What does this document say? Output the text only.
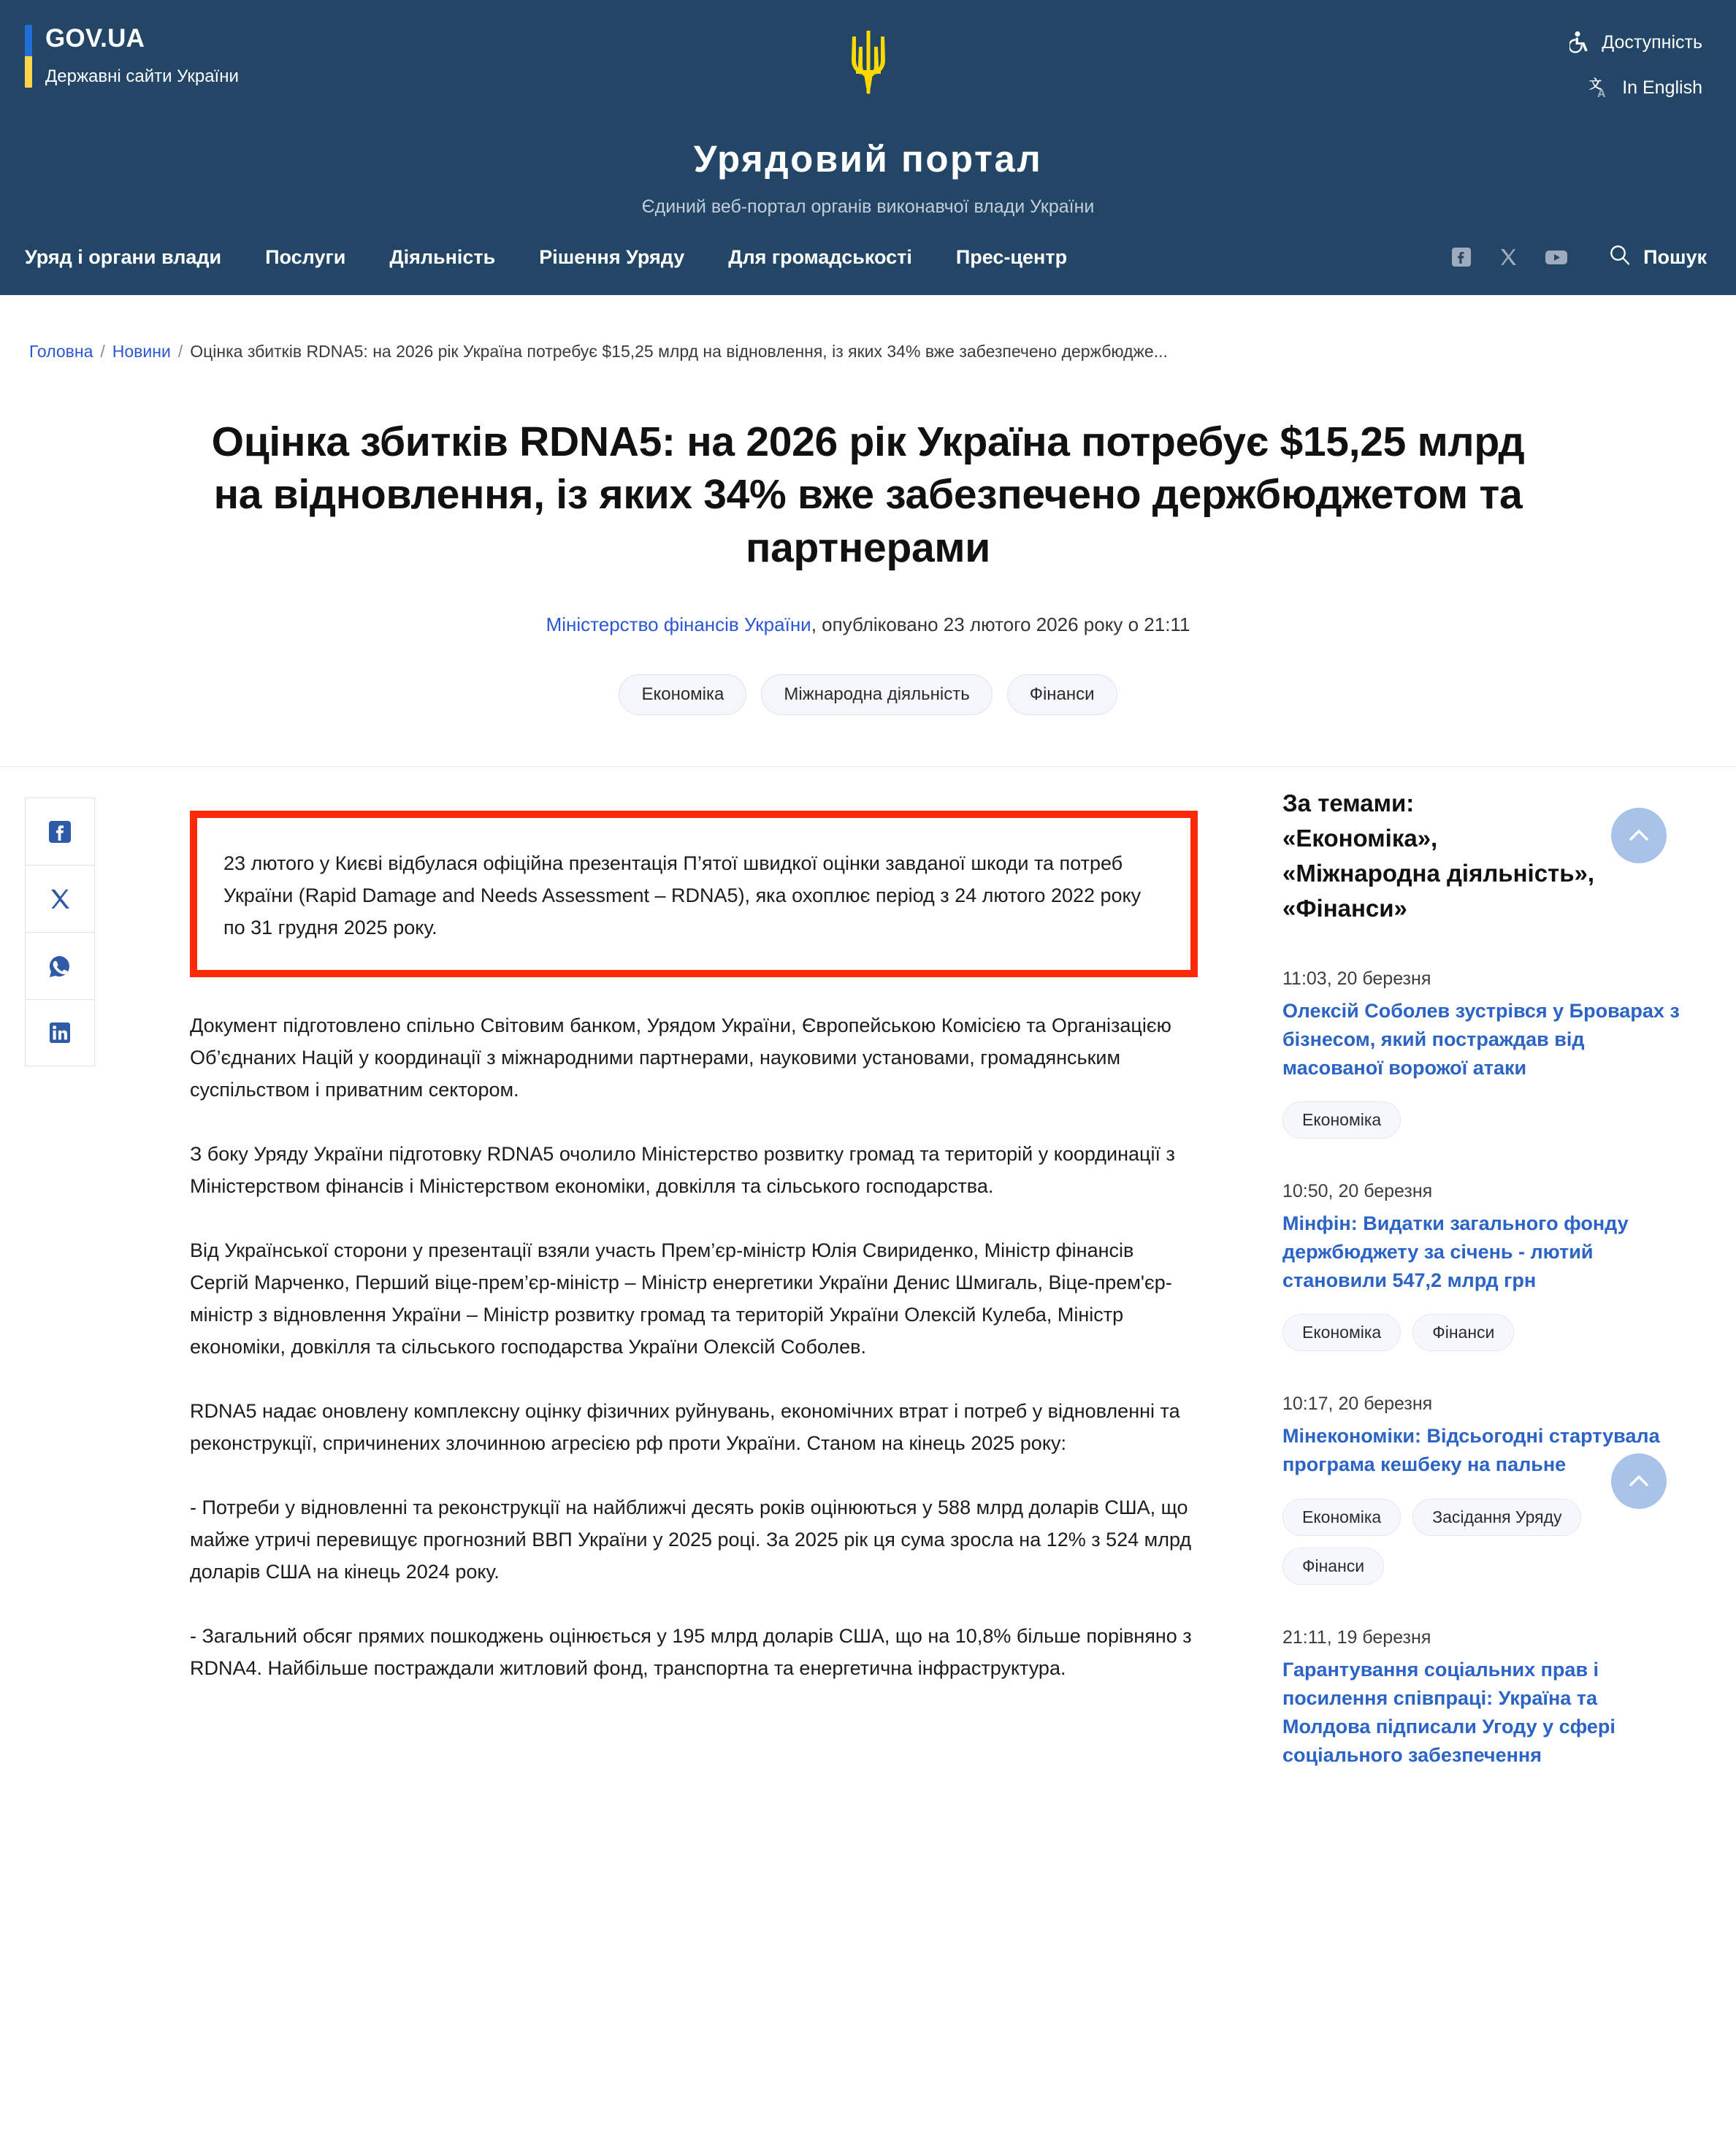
GOV.UA
Державні сайти України
Урядовий портал
Єдиний веб-портал органів виконавчої влади України
Доступність
文
A In English
Уряд і органи влади Послуги Діяльність Рішення Уряду Для громадськості Прес-центр	Пошук
Головна / Новини / Оцінка збитків RDNA5: на 2026 рік Україна потребує $15,25 млрд на відновлення, із яких 34% вже забезпечено держбюдже...
Оцінка збитків RDNA5: на 2026 рік Україна потребує $15,25 млрд на відновлення, із яких 34% вже забезпечено держбюджетом та партнерами
Міністерство фінансів України, опубліковано 23 лютого 2026 року о 21:11
Економіка	Міжнародна діяльність	Фінанси

23 лютого у Києві відбулася офіційна презентація П’ятої швидкої оцінки завданої шкоди та потреб України (Rapid Damage and Needs Assessment – RDNA5), яка охоплює період з 24 лютого 2022 року по 31 грудня 2025 року.

Документ підготовлено спільно Світовим банком, Урядом України, Європейською Комісією та Організацією Об’єднаних Націй у координації з міжнародними партнерами, науковими установами, громадянським суспільством і приватним сектором.

З боку Уряду України підготовку RDNA5 очолило Міністерство розвитку громад та територій у координації з Міністерством фінансів і Міністерством економіки, довкілля та сільського господарства.

Від Української сторони у презентації взяли участь Прем’єр-міністр Юлія Свириденко, Міністр фінансів Сергій Марченко, Перший віце-прем’єр-міністр – Міністр енергетики України Денис Шмигаль, Віце-прем'єр-міністр з відновлення України – Міністр розвитку громад та територій України Олексій Кулеба, Міністр економіки, довкілля та сільського господарства України Олексій Соболев.

RDNA5 надає оновлену комплексну оцінку фізичних руйнувань, економічних втрат і потреб у відновленні та реконструкції, спричинених злочинною агресією рф проти України. Станом на кінець 2025 року:

- Потреби у відновленні та реконструкції на найближчі десять років оцінюються у 588 млрд доларів США, що майже утричі перевищує прогнозний ВВП України у 2025 році. За 2025 рік ця сума зросла на 12% з 524 млрд доларів США на кінець 2024 року.

- Загальний обсяг прямих пошкоджень оцінюється у 195 млрд доларів США, що на 10,8% більше порівняно з RDNA4. Найбільше постраждали житловий фонд, транспортна та енергетична інфраструктура.

За темами:
«Економіка»,
«Міжнародна діяльність»,
«Фінанси»
11:03, 20 березня
Олексій Соболев зустрівся у Броварах з бізнесом, який постраждав від масованої ворожої атаки
Економіка
10:50, 20 березня
Мінфін: Видатки загального фонду держбюджету за січень - лютий становили 547,2 млрд грн
Економіка	Фінанси
10:17, 20 березня
Мінекономіки: Відсьогодні стартувала програма кешбеку на пальне
Економіка	Засідання Уряду
Фінанси
21:11, 19 березня
Гарантування соціальних прав і посилення співпраці: Україна та Молдова підписали Угоду у сфері соціального забезпечення
